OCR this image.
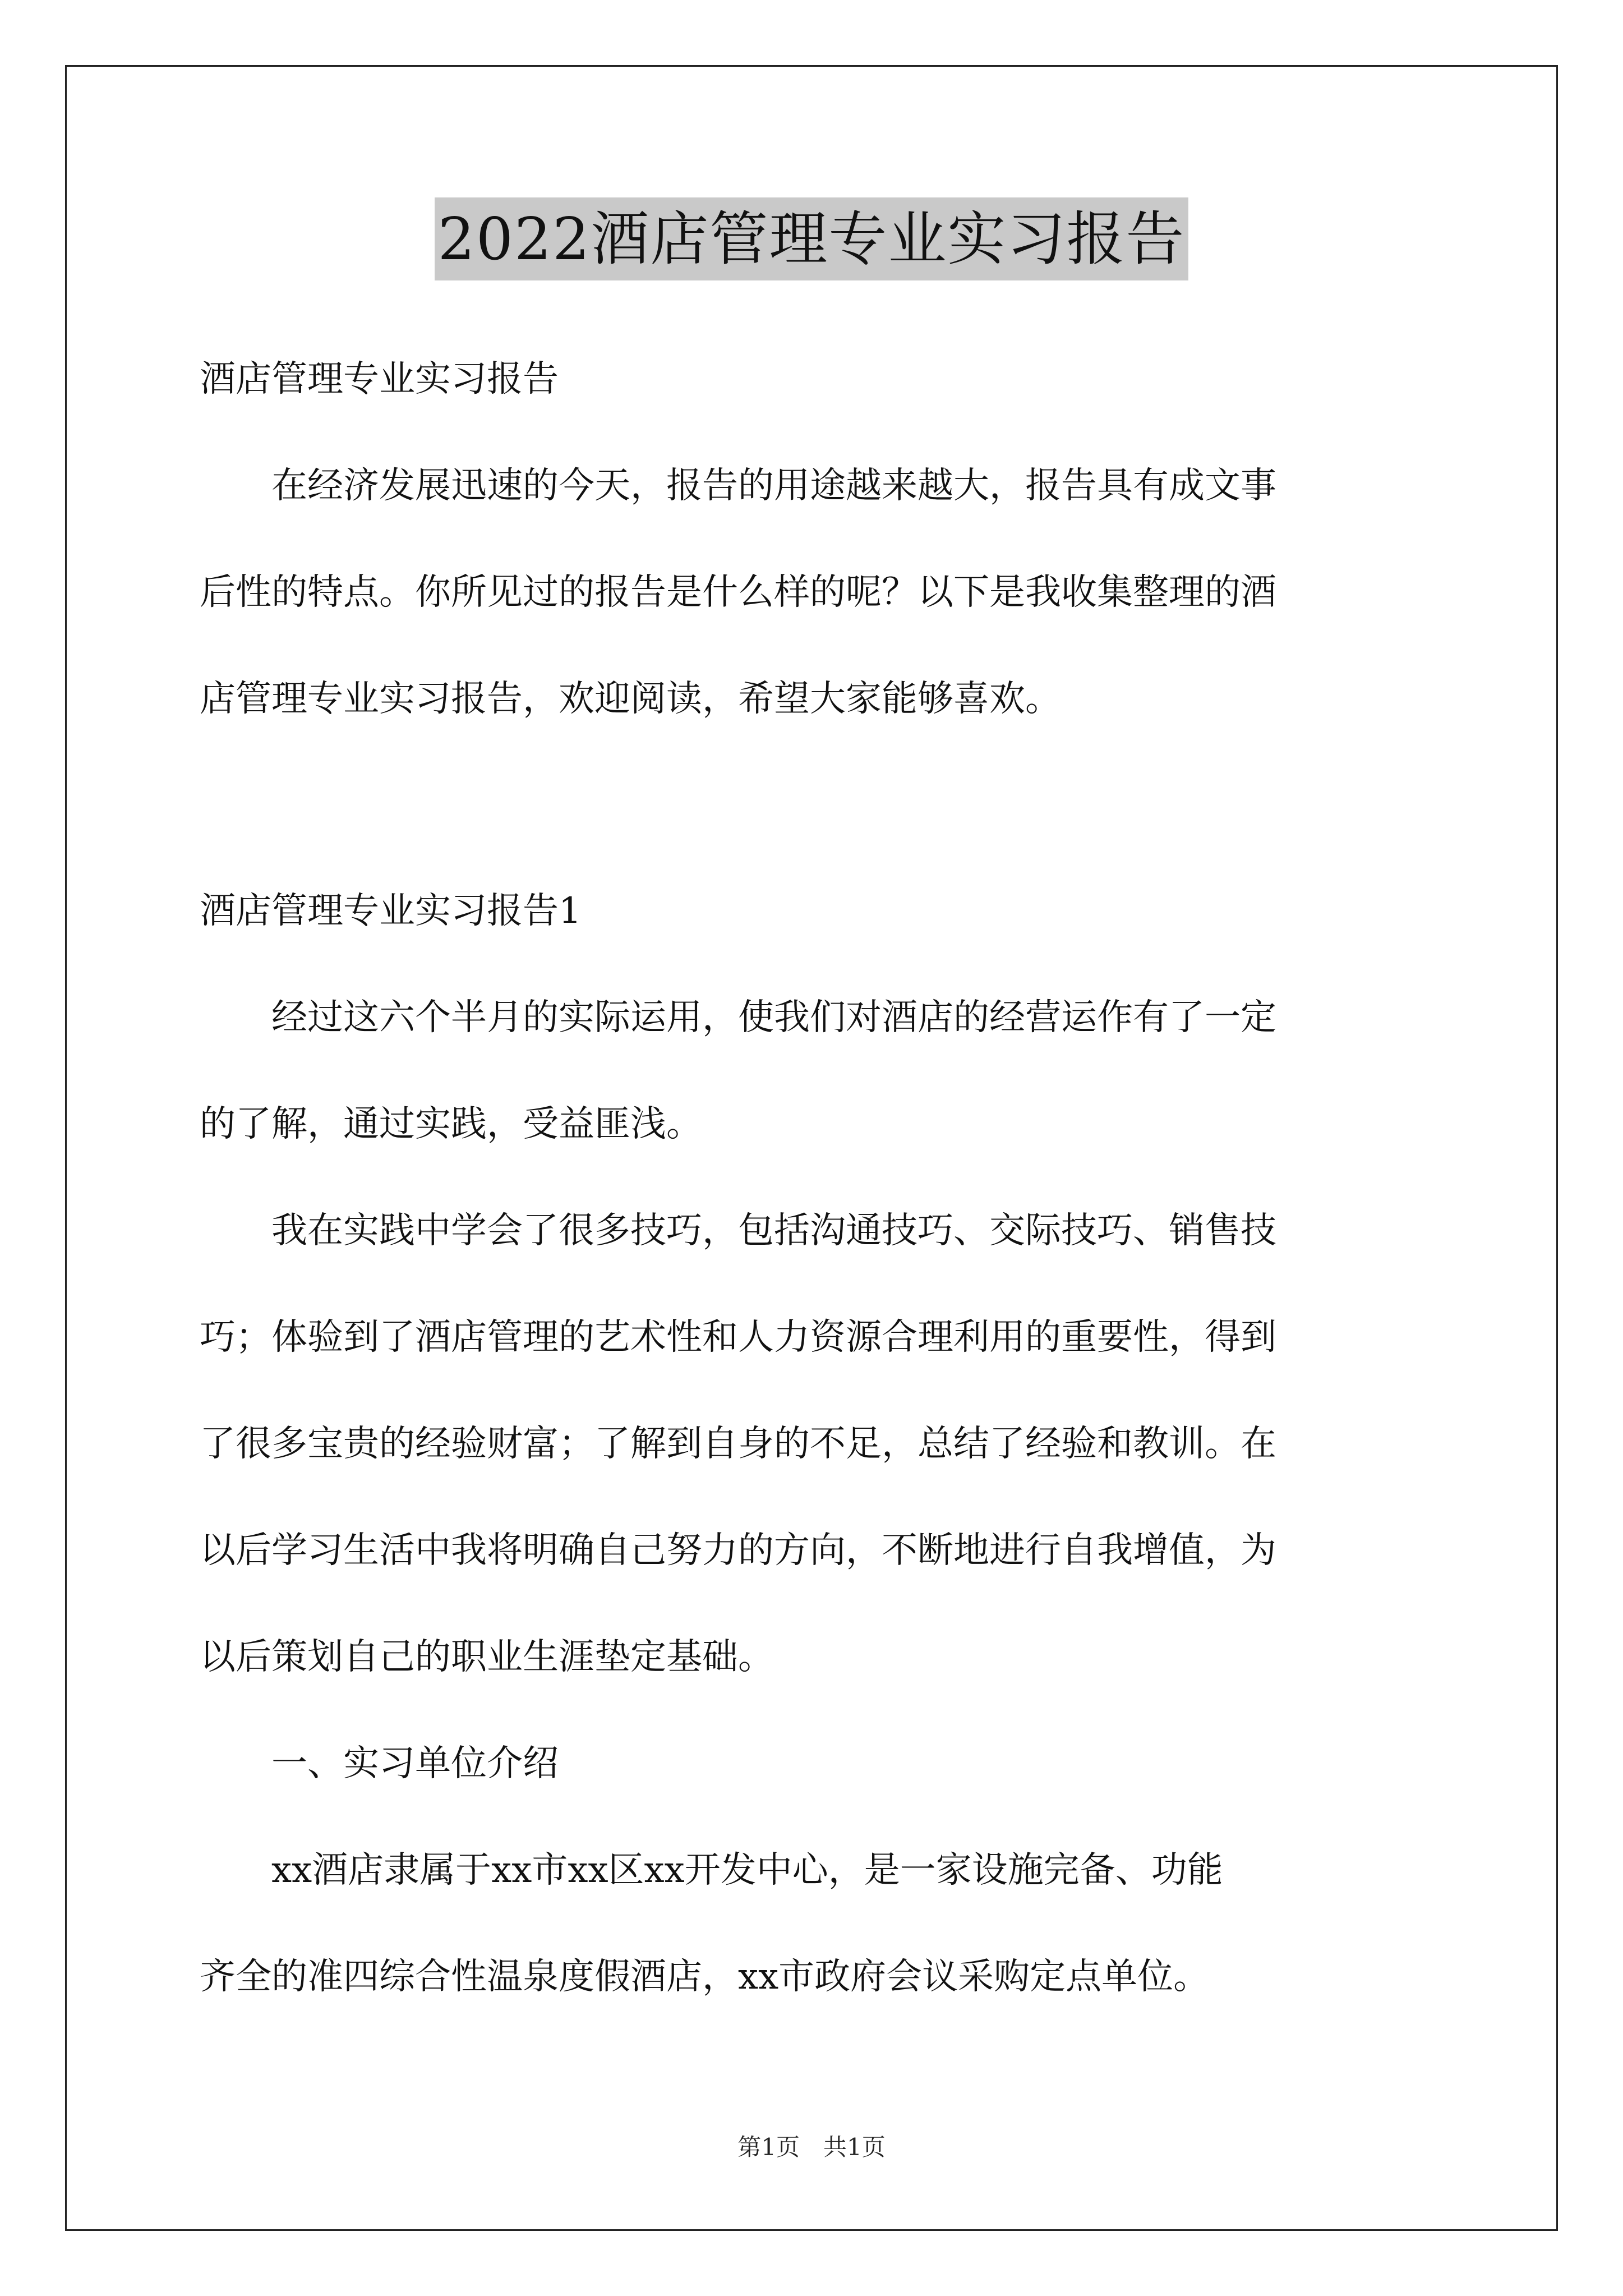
2022酒店管理专业实习报告
酒店管理专业实习报告
　　在经济发展迅速的今天，报告的用途越来越大，报告具有成文事
后性的特点。你所见过的报告是什么样的呢？以下是我收集整理的酒
店管理专业实习报告，欢迎阅读，希望大家能够喜欢。
酒店管理专业实习报告1
　　经过这六个半月的实际运用，使我们对酒店的经营运作有了一定
的了解，通过实践，受益匪浅。
　　我在实践中学会了很多技巧，包括沟通技巧、交际技巧、销售技
巧；体验到了酒店管理的艺术性和人力资源合理利用的重要性，得到
了很多宝贵的经验财富；了解到自身的不足，总结了经验和教训。在
以后学习生活中我将明确自己努力的方向，不断地进行自我增值，为
以后策划自己的职业生涯垫定基础。
　　一、实习单位介绍
　　xx酒店隶属于xx市xx区xx开发中心，是一家设施完备、功能
齐全的准四综合性温泉度假酒店，xx市政府会议采购定点单位。
第1页　共1页
